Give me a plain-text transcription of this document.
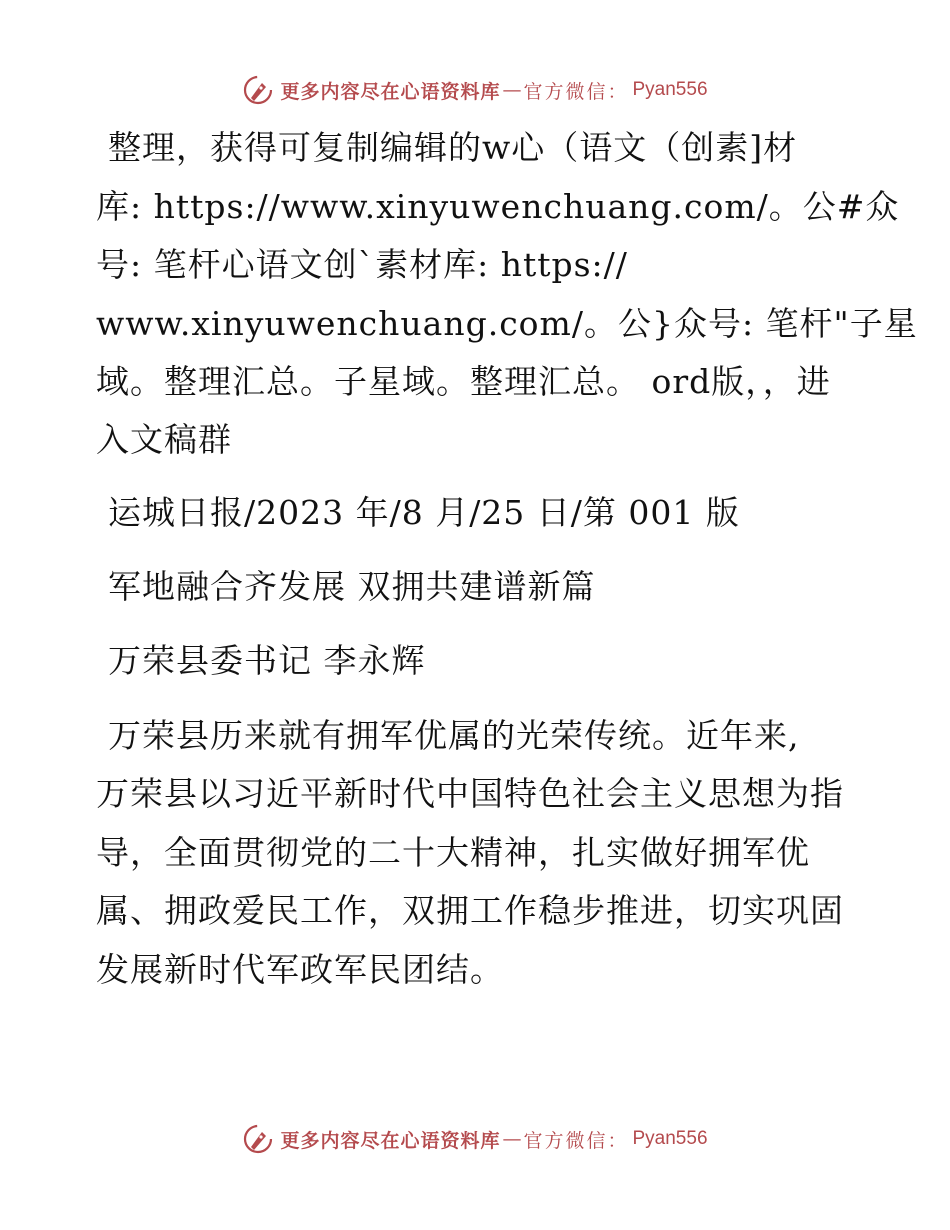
更多内容尽在心语资料库 — 官方微信： Pyan556
整理，获得可复制编辑的w心（语文（创素]材
库: https://www.xinyuwenchuang.com/。公#众
号: 笔杆心语文创`素材库: https://
www.xinyuwenchuang.com/。公}众号: 笔杆"子星
域。整理汇总。子星域。整理汇总。 ord版，，进
入文稿群
运城日报/2023 年/8 月/25 日/第 001 版
军地融合齐发展 双拥共建谱新篇
万荣县委书记 李永辉
万荣县历来就有拥军优属的光荣传统。近年来,
万荣县以习近平新时代中国特色社会主义思想为指
导，全面贯彻党的二十大精神，扎实做好拥军优
属、拥政爱民工作，双拥工作稳步推进，切实巩固
发展新时代军政军民团结。
更多内容尽在心语资料库 — 官方微信： Pyan556
